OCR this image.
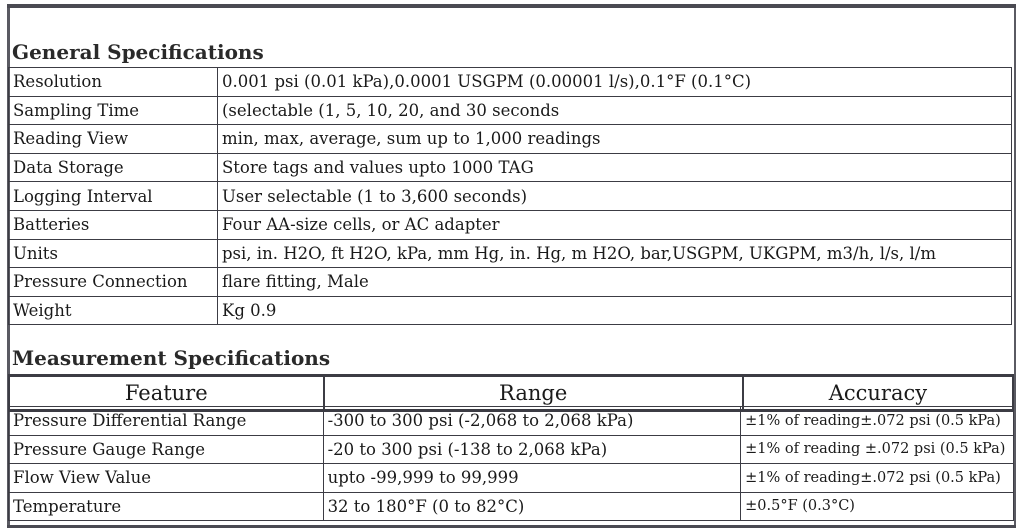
General Specifications
Resolution	0.001 psi (0.01 kPa),0.0001 USGPM (0.00001 l/s),0.1°F (0.1°C)
Sampling Time	(selectable (1, 5, 10, 20, and 30 seconds
Reading View	min, max, average, sum up to 1,000 readings
Data Storage	Store tags and values upto 1000 TAG
Logging Interval	User selectable (1 to 3,600 seconds)
Batteries	Four AA-size cells, or AC adapter
Units	psi, in. H2O, ft H2O, kPa, mm Hg, in. Hg, m H2O, bar,USGPM, UKGPM, m3/h, l/s, l/m
Pressure Connection	flare fitting, Male
Weight	Kg 0.9
Measurement Specifications
Feature	Range	Accuracy
Pressure Differential Range	-300 to 300 psi (-2,068 to 2,068 kPa)	±1% of reading±.072 psi (0.5 kPa)
Pressure Gauge Range	-20 to 300 psi (-138 to 2,068 kPa)	±1% of reading ±.072 psi (0.5 kPa)
Flow View Value	upto -99,999 to 99,999	±1% of reading±.072 psi (0.5 kPa)
Temperature	32 to 180°F (0 to 82°C)	±0.5°F (0.3°C)
